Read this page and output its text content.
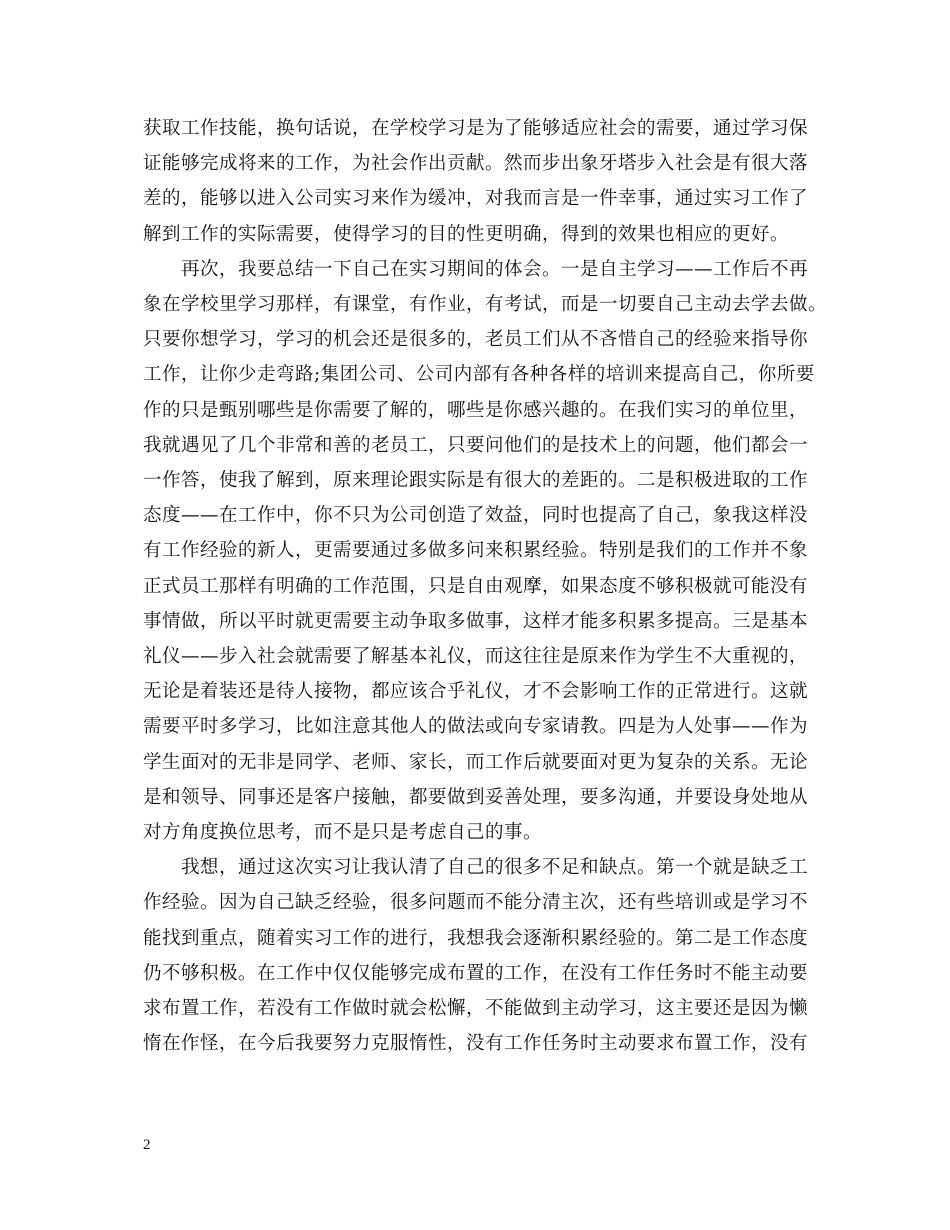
获取工作技能，换句话说，在学校学习是为了能够适应社会的需要，通过学习保
证能够完成将来的工作，为社会作出贡献。然而步出象牙塔步入社会是有很大落
差的，能够以进入公司实习来作为缓冲，对我而言是一件幸事，通过实习工作了
解到工作的实际需要，使得学习的目的性更明确，得到的效果也相应的更好。
　　再次，我要总结一下自己在实习期间的体会。一是自主学习——工作后不再
象在学校里学习那样，有课堂，有作业，有考试，而是一切要自己主动去学去做。
只要你想学习，学习的机会还是很多的，老员工们从不吝惜自己的经验来指导你
工作，让你少走弯路;集团公司、公司内部有各种各样的培训来提高自己，你所要
作的只是甄别哪些是你需要了解的，哪些是你感兴趣的。在我们实习的单位里，
我就遇见了几个非常和善的老员工，只要问他们的是技术上的问题，他们都会一
一作答，使我了解到，原来理论跟实际是有很大的差距的。二是积极进取的工作
态度——在工作中，你不只为公司创造了效益，同时也提高了自己，象我这样没
有工作经验的新人，更需要通过多做多问来积累经验。特别是我们的工作并不象
正式员工那样有明确的工作范围，只是自由观摩，如果态度不够积极就可能没有
事情做，所以平时就更需要主动争取多做事，这样才能多积累多提高。三是基本
礼仪——步入社会就需要了解基本礼仪，而这往往是原来作为学生不大重视的，
无论是着装还是待人接物，都应该合乎礼仪，才不会影响工作的正常进行。这就
需要平时多学习，比如注意其他人的做法或向专家请教。四是为人处事——作为
学生面对的无非是同学、老师、家长，而工作后就要面对更为复杂的关系。无论
是和领导、同事还是客户接触，都要做到妥善处理，要多沟通，并要设身处地从
对方角度换位思考，而不是只是考虑自己的事。
　　我想，通过这次实习让我认清了自己的很多不足和缺点。第一个就是缺乏工
作经验。因为自己缺乏经验，很多问题而不能分清主次，还有些培训或是学习不
能找到重点，随着实习工作的进行，我想我会逐渐积累经验的。第二是工作态度
仍不够积极。在工作中仅仅能够完成布置的工作，在没有工作任务时不能主动要
求布置工作，若没有工作做时就会松懈，不能做到主动学习，这主要还是因为懒
惰在作怪，在今后我要努力克服惰性，没有工作任务时主动要求布置工作，没有
2
